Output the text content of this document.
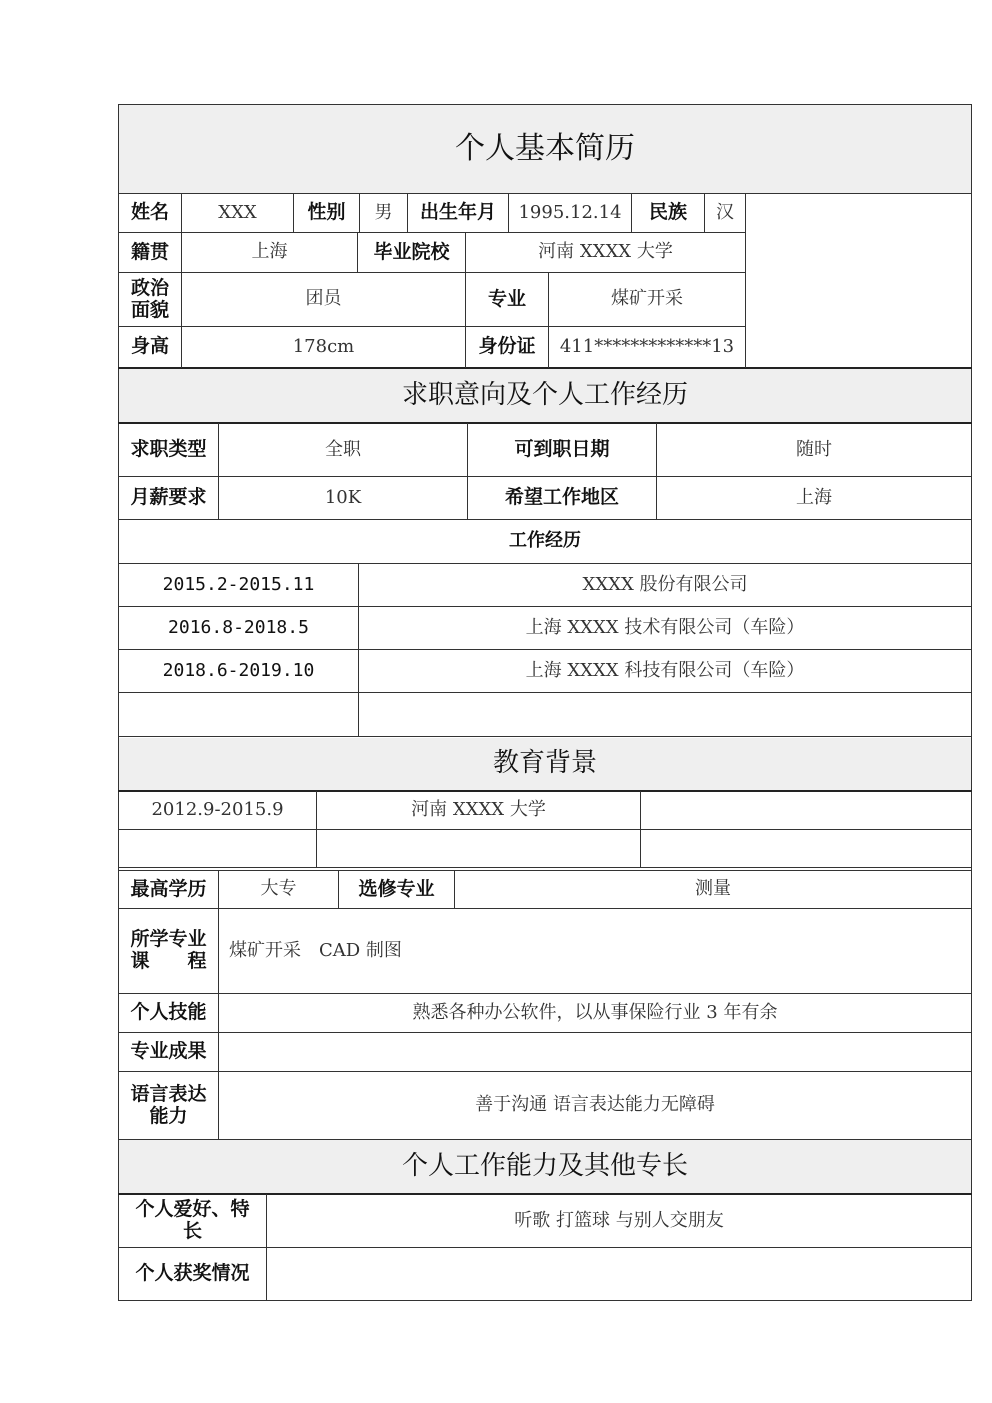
个人基本简历
姓名	XXX	性别	男	出生年月	1995.12.14	民族	汉
籍贯	上海	毕业院校	河南 XXXX 大学
政治
面貌	团员	专业	煤矿开采
身高	178cm	身份证	411*************13
求职意向及个人工作经历
求职类型	全职	可到职日期	随时
月薪要求	10K	希望工作地区	上海
工作经历
2015.2-2015.11	XXXX 股份有限公司
2016.8-2018.5	上海 XXXX 技术有限公司（车险）
2018.6-2019.10	上海 XXXX 科技有限公司（车险）
教育背景
2012.9-2015.9	河南 XXXX 大学
最高学历	大专	选修专业	测量
所学专业
课　　程	煤矿开采　CAD 制图
个人技能	熟悉各种办公软件，以从事保险行业 3 年有余
专业成果
语言表达
能力	善于沟通 语言表达能力无障碍
个人工作能力及其他专长
个人爱好、特
长	听歌 打篮球 与别人交朋友
个人获奖情况
